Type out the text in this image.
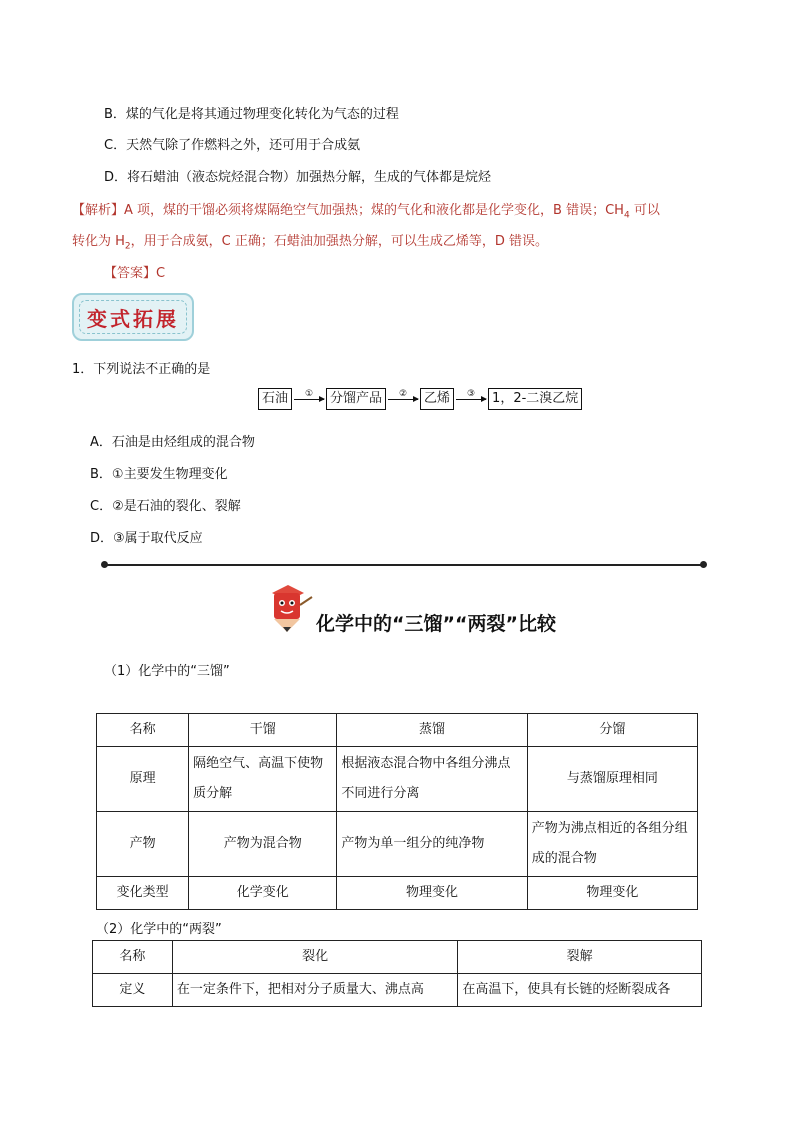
B．煤的气化是将其通过物理变化转化为气态的过程
C．天然气除了作燃料之外，还可用于合成氨
D．将石蜡油（液态烷烃混合物）加强热分解，生成的气体都是烷烃
【解析】A 项，煤的干馏必须将煤隔绝空气加强热；煤的气化和液化都是化学变化，B 错误；$CH_4$ 可以
转化为 $H_2$，用于合成氨，C 正确；石蜡油加强热分解，可以生成乙烯等，D 错误。
【答案】C
变式拓展
1．下列说法不正确的是
石油	①	分馏产品	②	乙烯	③	1，2-二溴乙烷
A．石油是由烃组成的混合物
B．①主要发生物理变化
C．②是石油的裂化、裂解
D．③属于取代反应
化学中的“三馏”“两裂”比较
（1）化学中的“三馏”
名称	干馏	蒸馏	分馏
原理	隔绝空气、高温下使物质分解	根据液态混合物中各组分沸点不同进行分离	与蒸馏原理相同
产物	产物为混合物	产物为单一组分的纯净物	产物为沸点相近的各组分组成的混合物
变化类型	化学变化	物理变化	物理变化
（2）化学中的“两裂”
名称	裂化	裂解
定义	在一定条件下，把相对分子质量大、沸点高	在高温下，使具有长链的烃断裂成各
